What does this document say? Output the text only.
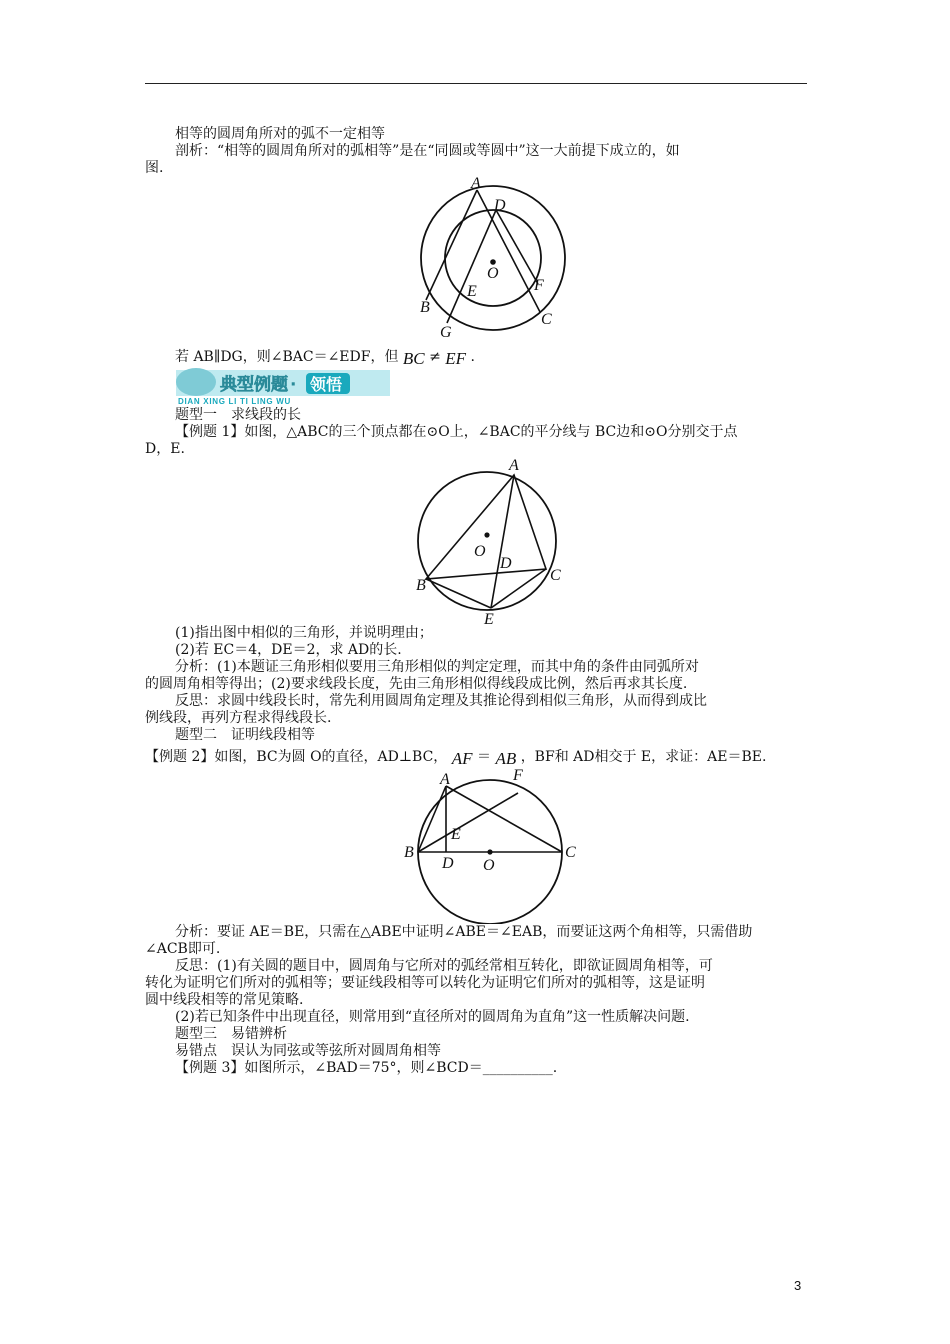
相等的圆周角所对的弧不一定相等
剖析：“相等的圆周角所对的弧相等”是在“同圆或等圆中”这一大前提下成立的，如
图.
A
D
O
E	F
B
G
C
若 AB∥DG，则∠BAC＝∠EDF，但 BC ≠ EF .
典型例题 · 领悟
DIAN XING LI TI LING WU
题型一　求线段的长
【例题 1】如图，△ABC的三个顶点都在⊙O上，∠BAC的平分线与 BC边和⊙O分别交于点
D，E.
A
O
D
C
B
E
(1)指出图中相似的三角形，并说明理由；
(2)若 EC＝4，DE＝2，求 AD的长.
分析：(1)本题证三角形相似要用三角形相似的判定定理，而其中角的条件由同弧所对
的圆周角相等得出；(2)要求线段长度，先由三角形相似得线段成比例，然后再求其长度.
反思：求圆中线段长时，常先利用圆周角定理及其推论得到相似三角形，从而得到成比
例线段，再列方程求得线段长.
题型二　证明线段相等
【例题 2】如图，BC为圆 O的直径，AD⊥BC， AF ＝ AB ，BF和 AD相交于 E，求证：AE＝BE.
A	F
E
B
D O
C
分析：要证 AE＝BE，只需在△ABE中证明∠ABE＝∠EAB，而要证这两个角相等，只需借助
∠ACB即可.
反思：(1)有关圆的题目中，圆周角与它所对的弧经常相互转化，即欲证圆周角相等，可
转化为证明它们所对的弧相等；要证线段相等可以转化为证明它们所对的弧相等，这是证明
圆中线段相等的常见策略.
(2)若已知条件中出现直径，则常用到“直径所对的圆周角为直角”这一性质解决问题.
题型三　易错辨析
易错点　误认为同弦或等弦所对圆周角相等
【例题 3】如图所示，∠BAD＝75°，则∠BCD＝__________.
3
